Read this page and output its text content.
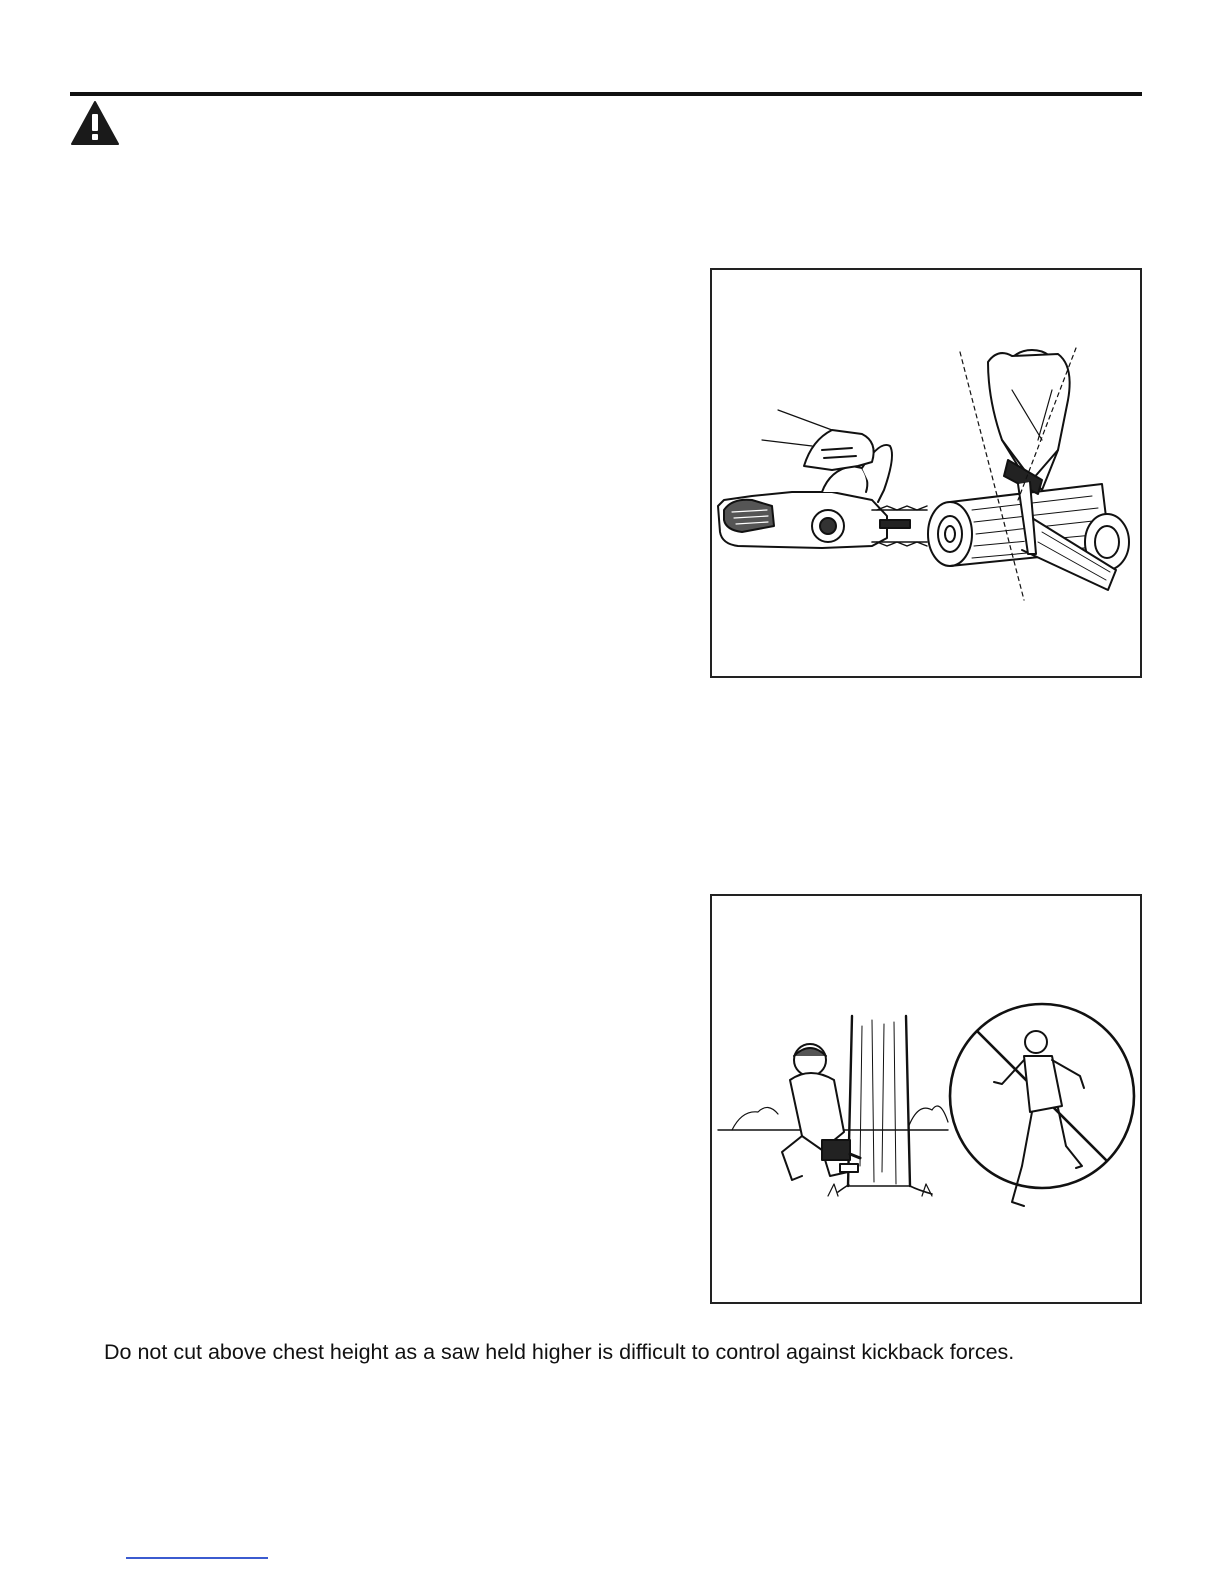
Do not cut above chest height as a saw held higher is difficult to control against kickback forces.
